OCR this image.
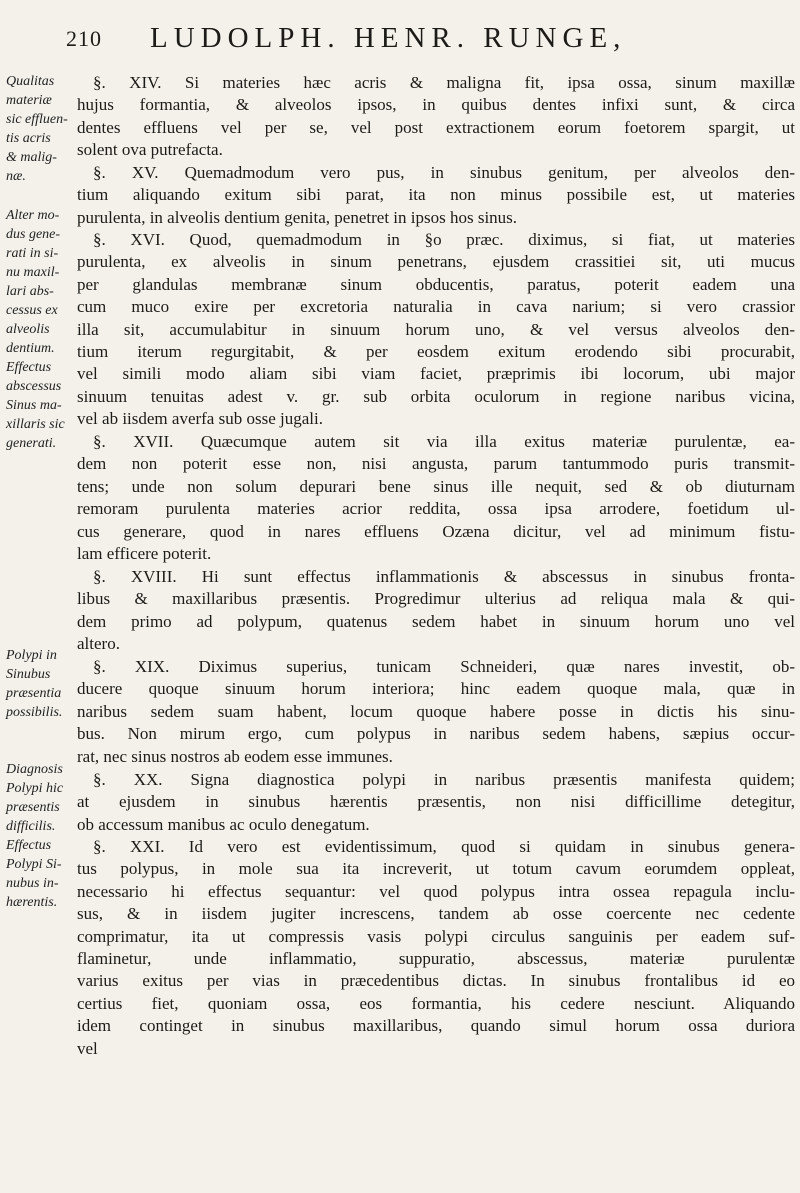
210 LUDOLPH. HENR. RUNGE,
Qualitas
materiæ
sic effluen-
tis acris
& malig-
næ.
Alter mo-
dus gene-
rati in si-
nu maxil-
lari abs-
cessus ex
alveolis
dentium.
Effectus
abscessus
Sinus ma-
xillaris sic
generati.
Polypi in
Sinubus
præsentia
possibilis.
Diagnosis
Polypi hic
præsentis
difficilis.
Effectus
Polypi Si-
nubus in-
hærentis.
§. XIV. Si materies hæc acris & maligna fit, ipsa ossa, sinum maxillæ
hujus formantia, & alveolos ipsos, in quibus dentes infixi sunt, & circa
dentes effluens vel per se, vel post extractionem eorum foetorem spargit, ut
solent ova putrefacta.
§. XV. Quemadmodum vero pus, in sinubus genitum, per alveolos den-
tium aliquando exitum sibi parat, ita non minus possibile est, ut materies
purulenta, in alveolis dentium genita, penetret in ipsos hos sinus.
§. XVI. Quod, quemadmodum in §o præc. diximus, si fiat, ut materies
purulenta, ex alveolis in sinum penetrans, ejusdem crassitiei sit, uti mucus
per glandulas membranæ sinum obducentis, paratus, poterit eadem una
cum muco exire per excretoria naturalia in cava narium; si vero crassior
illa sit, accumulabitur in sinuum horum uno, & vel versus alveolos den-
tium iterum regurgitabit, & per eosdem exitum erodendo sibi procurabit,
vel simili modo aliam sibi viam faciet, præprimis ibi locorum, ubi major
sinuum tenuitas adest v. gr. sub orbita oculorum in regione naribus vicina,
vel ab iisdem averfa sub osse jugali.
§. XVII. Quæcumque autem sit via illa exitus materiæ purulentæ, ea-
dem non poterit esse non, nisi angusta, parum tantummodo puris transmit-
tens; unde non solum depurari bene sinus ille nequit, sed & ob diuturnam
remoram purulenta materies acrior reddita, ossa ipsa arrodere, foetidum ul-
cus generare, quod in nares effluens Ozæna dicitur, vel ad minimum fistu-
lam efficere poterit.
§. XVIII. Hi sunt effectus inflammationis & abscessus in sinubus fronta-
libus & maxillaribus præsentis. Progredimur ulterius ad reliqua mala & qui-
dem primo ad polypum, quatenus sedem habet in sinuum horum uno vel
altero.
§. XIX. Diximus superius, tunicam Schneideri, quæ nares investit, ob-
ducere quoque sinuum horum interiora; hinc eadem quoque mala, quæ in
naribus sedem suam habent, locum quoque habere posse in dictis his sinu-
bus. Non mirum ergo, cum polypus in naribus sedem habens, sæpius occur-
rat, nec sinus nostros ab eodem esse immunes.
§. XX. Signa diagnostica polypi in naribus præsentis manifesta quidem;
at ejusdem in sinubus hærentis præsentis, non nisi difficillime detegitur,
ob accessum manibus ac oculo denegatum.
§. XXI. Id vero est evidentissimum, quod si quidam in sinubus genera-
tus polypus, in mole sua ita increverit, ut totum cavum eorumdem oppleat,
necessario hi effectus sequantur: vel quod polypus intra ossea repagula inclu-
sus, & in iisdem jugiter increscens, tandem ab osse coercente nec cedente
comprimatur, ita ut compressis vasis polypi circulus sanguinis per eadem suf-
flaminetur, unde inflammatio, suppuratio, abscessus, materiæ purulentæ
varius exitus per vias in præcedentibus dictas. In sinubus frontalibus id eo
certius fiet, quoniam ossa, eos formantia, his cedere nesciunt. Aliquando
idem continget in sinubus maxillaribus, quando simul horum ossa duriora
vel
